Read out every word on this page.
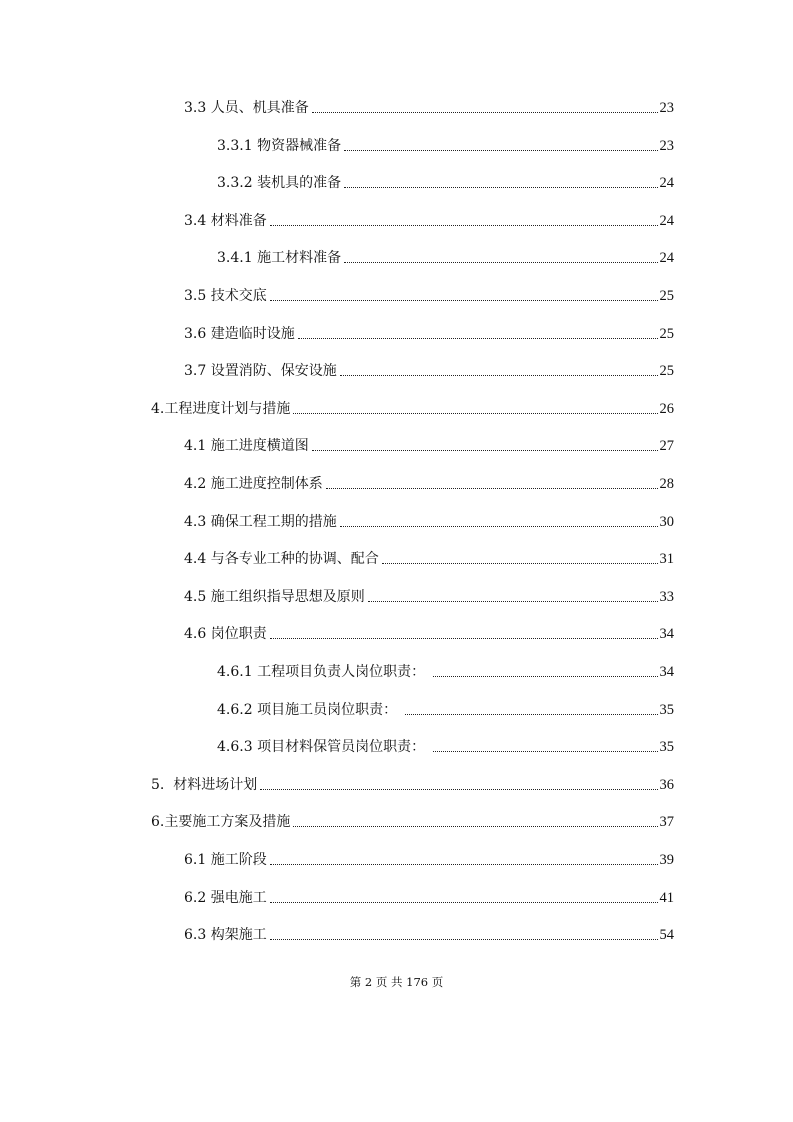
3.3 人员、机具准备	23
3.3.1 物资器械准备	23
3.3.2 装机具的准备	24
3.4 材料准备	24
3.4.1 施工材料准备	24
3.5 技术交底	25
3.6 建造临时设施	25
3.7 设置消防、保安设施	25
4.工程进度计划与措施	26
4.1 施工进度横道图	27
4.2 施工进度控制体系	28
4.3 确保工程工期的措施	30
4.4 与各专业工种的协调、配合	31
4.5 施工组织指导思想及原则	33
4.6 岗位职责	34
4.6.1 工程项目负责人岗位职责：	34
4.6.2 项目施工员岗位职责：	35
4.6.3 项目材料保管员岗位职责：	35
5.  材料进场计划	36
6.主要施工方案及措施	37
6.1 施工阶段	39
6.2 强电施工	41
6.3 构架施工	54
第 2 页 共 176 页
